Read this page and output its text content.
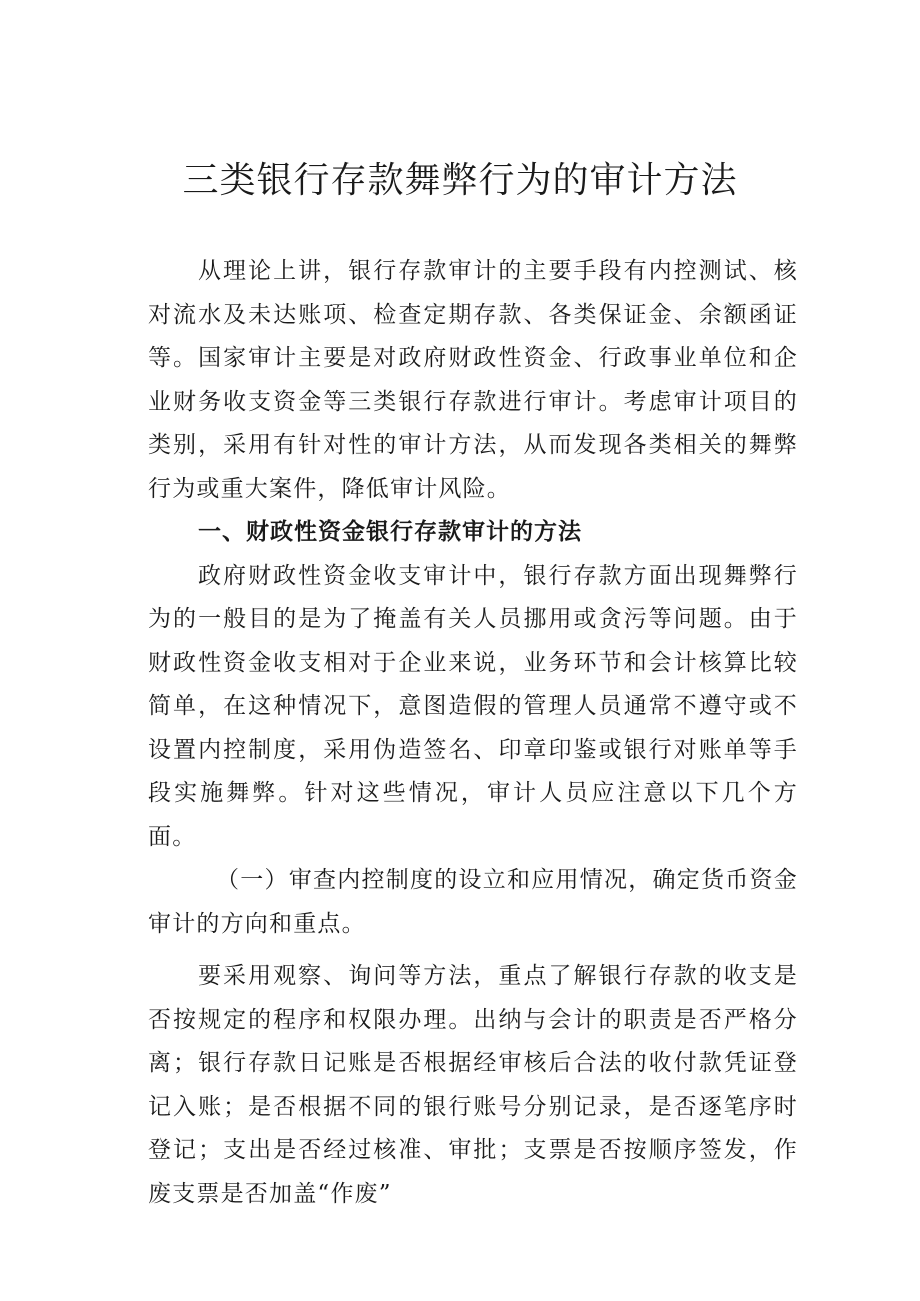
三类银行存款舞弊行为的审计方法

从理论上讲，银行存款审计的主要手段有内控测试、核对流水及未达账项、检查定期存款、各类保证金、余额函证等。国家审计主要是对政府财政性资金、行政事业单位和企业财务收支资金等三类银行存款进行审计。考虑审计项目的类别，采用有针对性的审计方法，从而发现各类相关的舞弊行为或重大案件，降低审计风险。

一、财政性资金银行存款审计的方法

政府财政性资金收支审计中，银行存款方面出现舞弊行为的一般目的是为了掩盖有关人员挪用或贪污等问题。由于财政性资金收支相对于企业来说，业务环节和会计核算比较简单，在这种情况下，意图造假的管理人员通常不遵守或不设置内控制度，采用伪造签名、印章印鉴或银行对账单等手段实施舞弊。针对这些情况，审计人员应注意以下几个方面。

（一）审查内控制度的设立和应用情况，确定货币资金审计的方向和重点。

要采用观察、询问等方法，重点了解银行存款的收支是否按规定的程序和权限办理。出纳与会计的职责是否严格分离；银行存款日记账是否根据经审核后合法的收付款凭证登记入账；是否根据不同的银行账号分别记录，是否逐笔序时登记；支出是否经过核准、审批；支票是否按顺序签发，作废支票是否加盖“作废”
